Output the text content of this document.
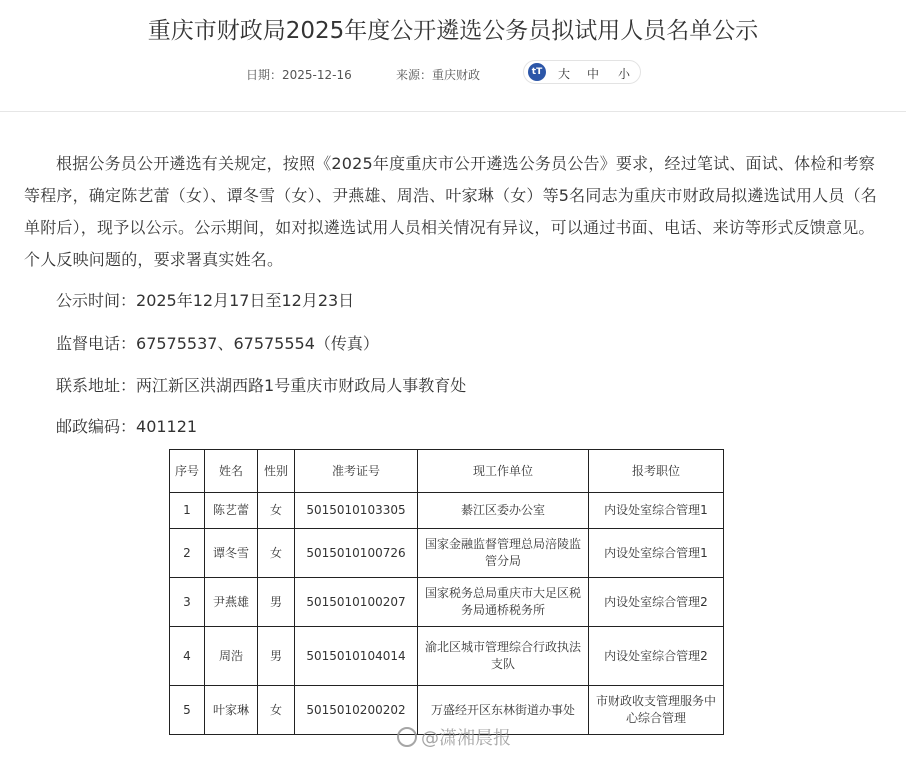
重庆市财政局2025年度公开遴选公务员拟试用人员名单公示
日期：2025-12-16	来源：重庆财政	tT	大 中 小

根据公务员公开遴选有关规定，按照《2025年度重庆市公开遴选公务员公告》要求，经过笔试、面试、体检和考察等程序，确定陈艺蕾（女）、谭冬雪（女）、尹燕雄、周浩、叶家琳（女）等5名同志为重庆市财政局拟遴选试用人员（名单附后），现予以公示。公示期间，如对拟遴选试用人员相关情况有异议，可以通过书面、电话、来访等形式反馈意见。个人反映问题的，要求署真实姓名。

公示时间：2025年12月17日至12月23日
监督电话：67575537、67575554（传真）
联系地址：两江新区洪湖西路1号重庆市财政局人事教育处
邮政编码：401121
序号	姓名	性别	准考证号	现工作单位	报考职位
1	陈艺蕾	女	5015010103305	綦江区委办公室	内设处室综合管理1
2	谭冬雪	女	5015010100726	国家金融监督管理总局涪陵监管分局	内设处室综合管理1
3	尹燕雄	男	5015010100207	国家税务总局重庆市大足区税务局通桥税务所	内设处室综合管理2
4	周浩	男	5015010104014	渝北区城市管理综合行政执法支队	内设处室综合管理2
5	叶家琳	女	5015010200202	万盛经开区东林街道办事处	市财政收支管理服务中心综合管理
@潇湘晨报
